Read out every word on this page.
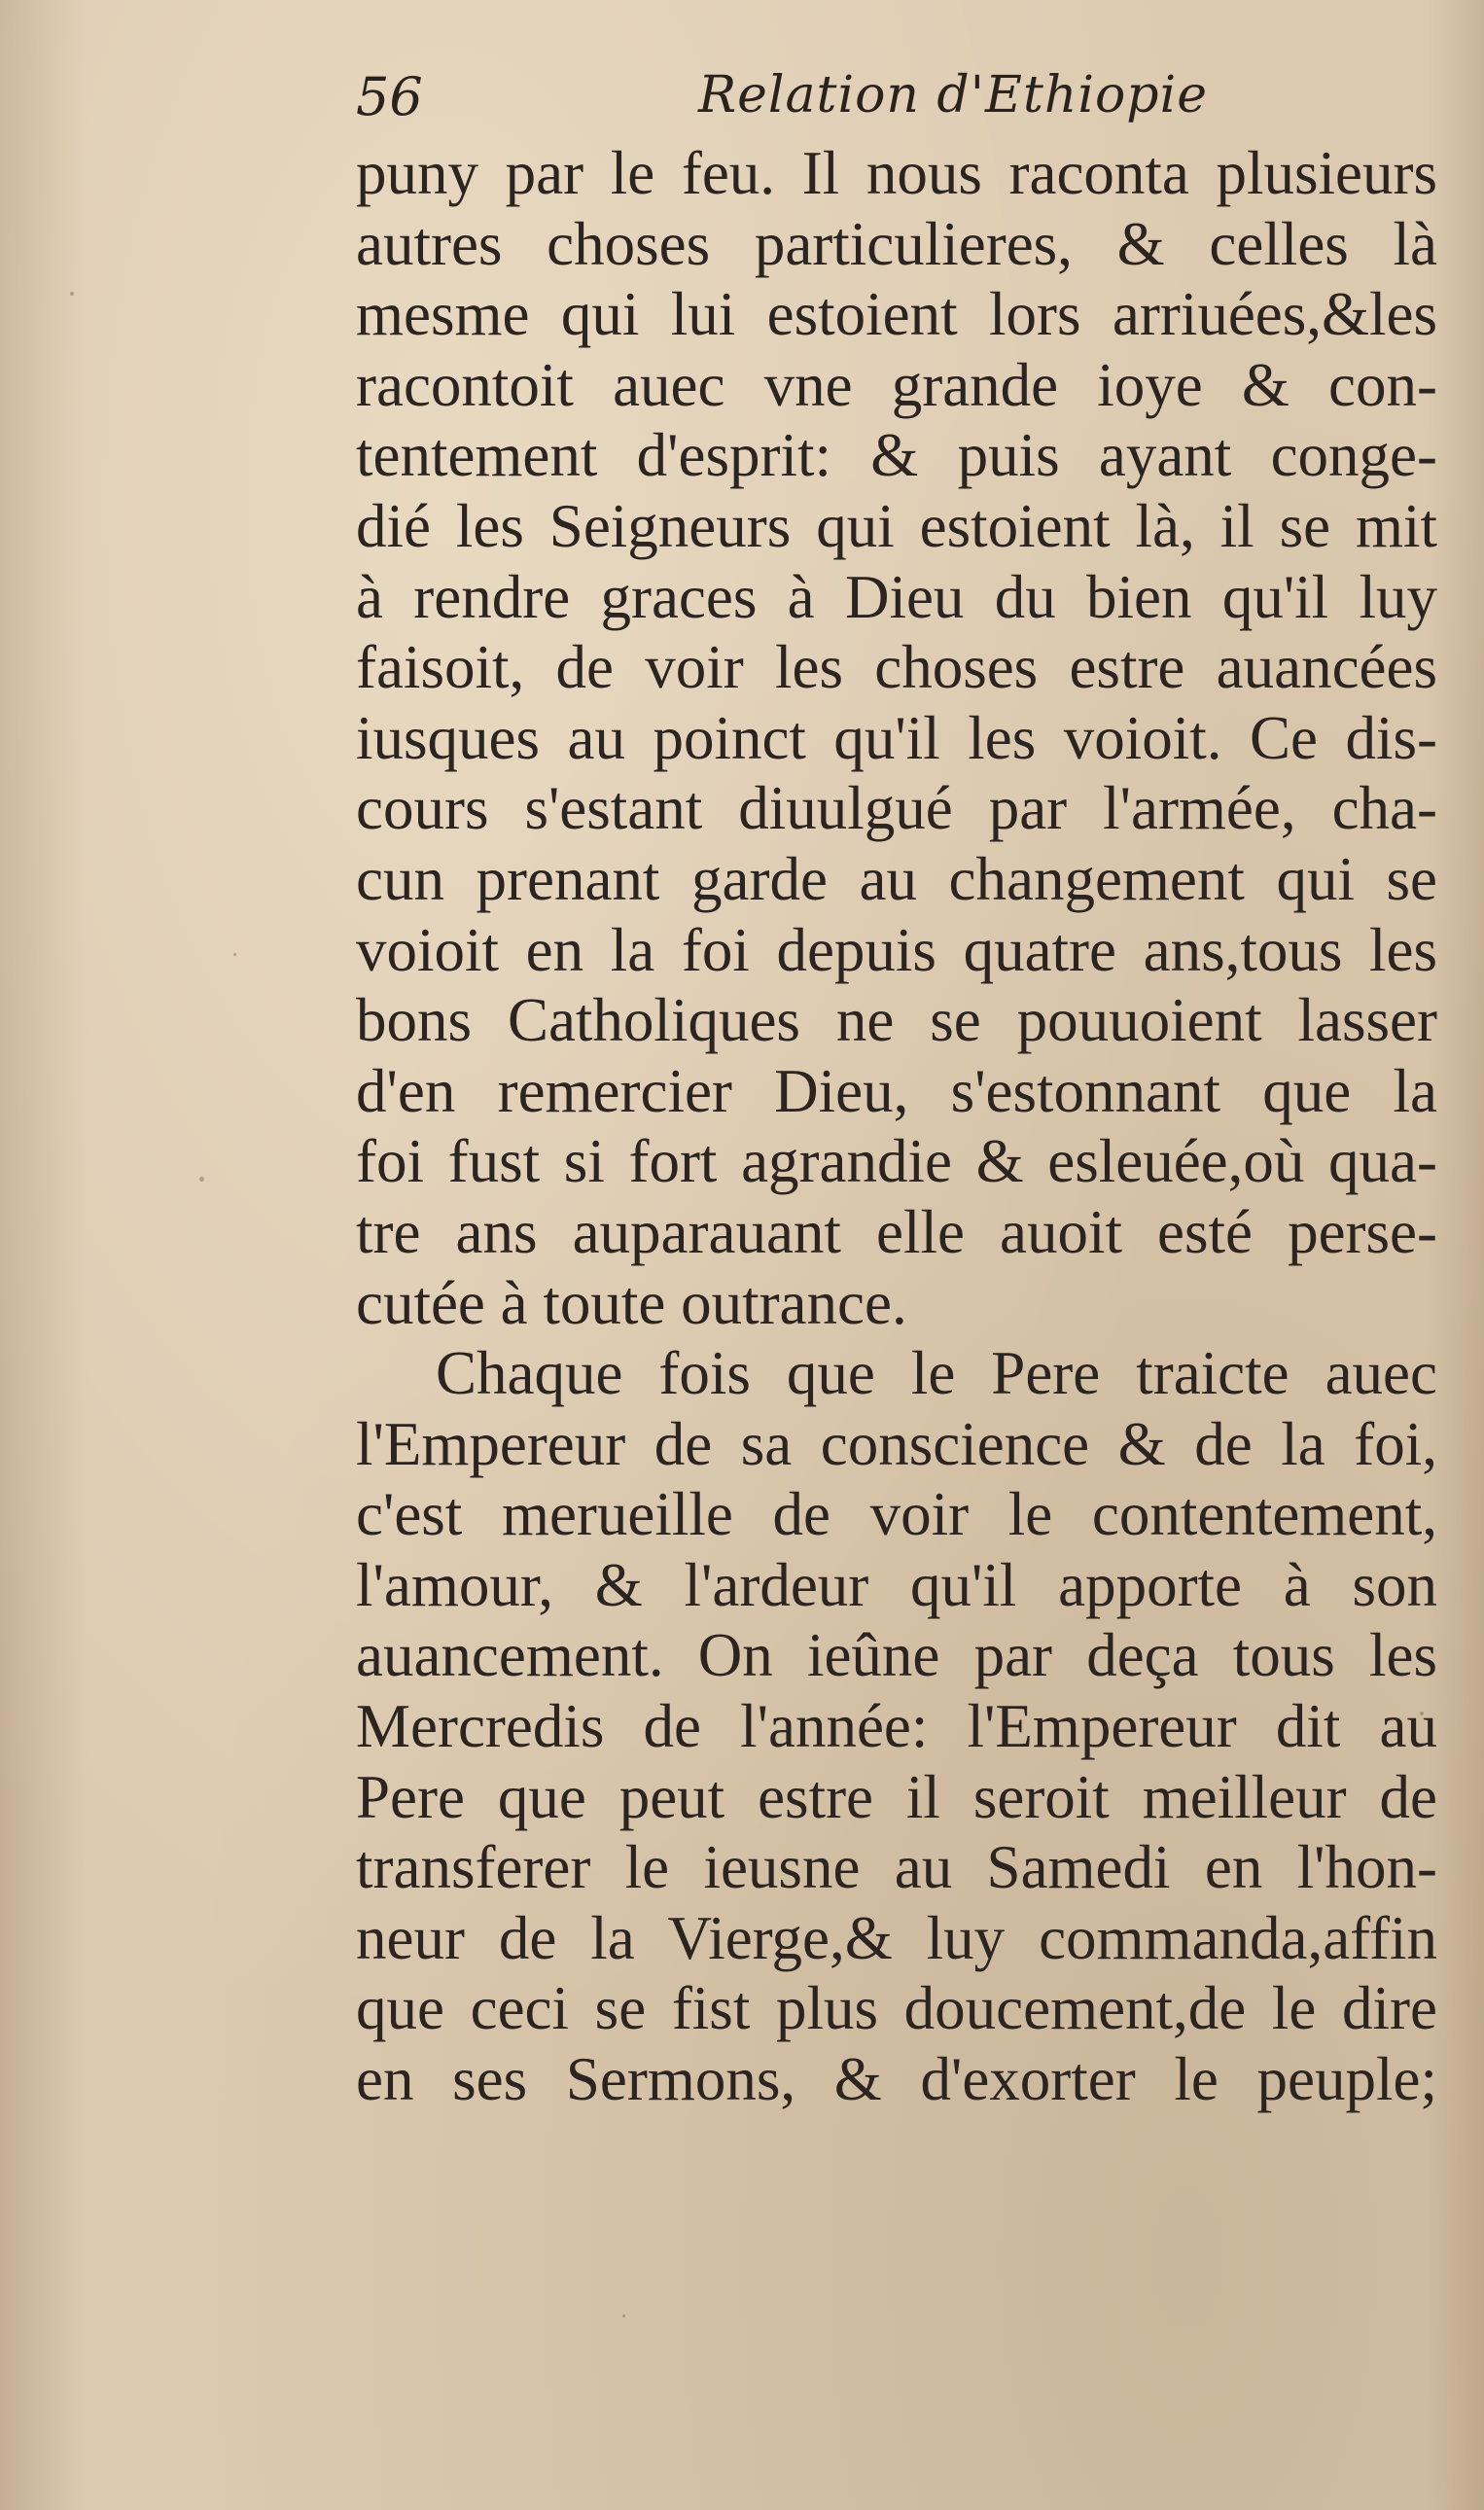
56	Relation d'Ethiopie
puny par le feu. Il nous raconta plusieurs
autres choses particulieres, & celles là
mesme qui lui estoient lors arriuées,&les
racontoit auec vne grande ioye & con-
tentement d'esprit: & puis ayant conge-
dié les Seigneurs qui estoient là, il se mit
à rendre graces à Dieu du bien qu'il luy
faisoit, de voir les choses estre auancées
iusques au poinct qu'il les voioit. Ce dis-
cours s'estant diuulgué par l'armée, cha-
cun prenant garde au changement qui se
voioit en la foi depuis quatre ans,tous les
bons Catholiques ne se pouuoient lasser
d'en remercier Dieu, s'estonnant que la
foi fust si fort agrandie & esleuée,où qua-
tre ans auparauant elle auoit esté perse-
cutée à toute outrance.
Chaque fois que le Pere traicte auec
l'Empereur de sa conscience & de la foi,
c'est merueille de voir le contentement,
l'amour, & l'ardeur qu'il apporte à son
auancement. On ieûne par deça tous les
Mercredis de l'année: l'Empereur dit au
Pere que peut estre il seroit meilleur de
transferer le ieusne au Samedi en l'hon-
neur de la Vierge,& luy commanda,affin
que ceci se fist plus doucement,de le dire
en ses Sermons, & d'exorter le peuple;
